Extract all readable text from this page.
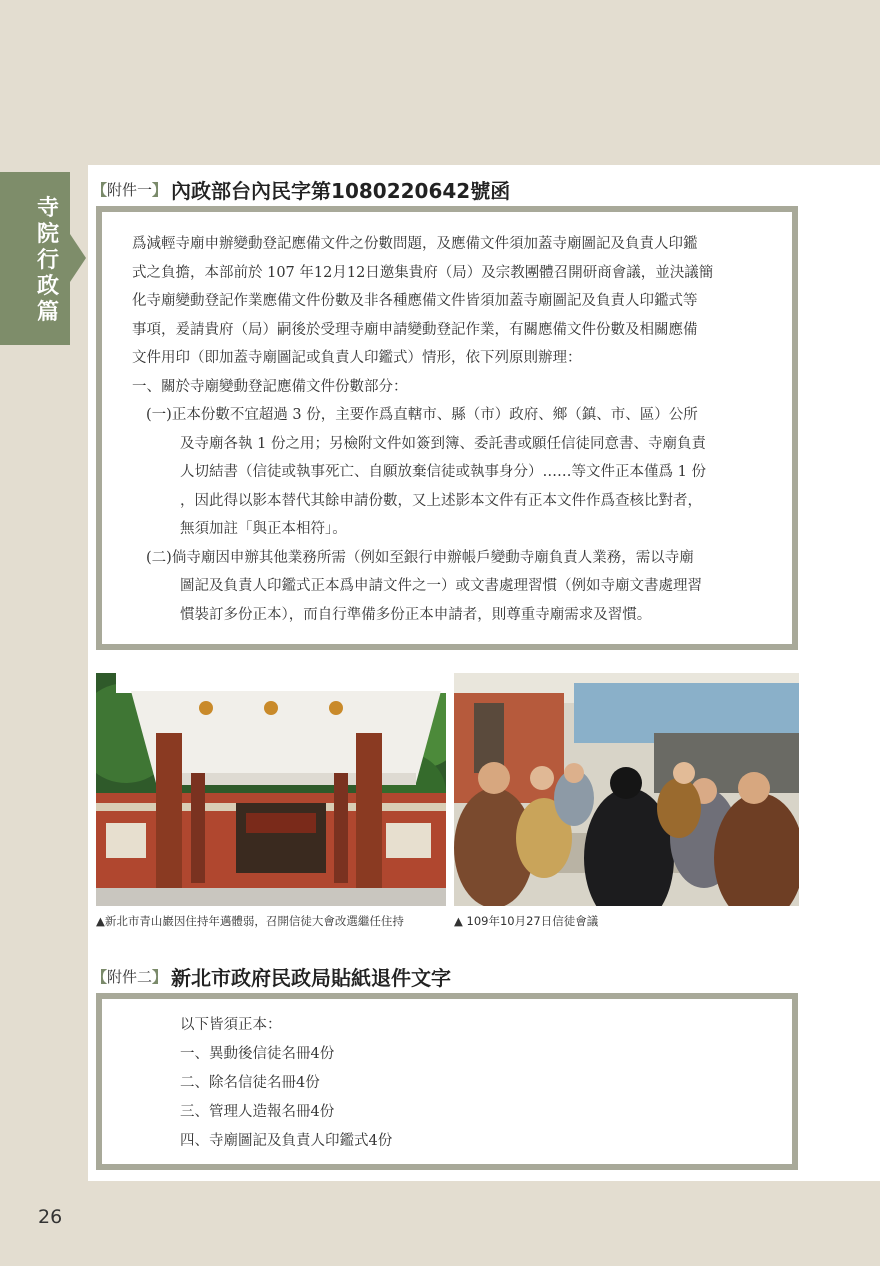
寺
院
行
政
篇
【附件一】 內政部台內民字第1080220642號函
爲減輕寺廟申辦變動登記應備文件之份數問題，及應備文件須加蓋寺廟圖記及負責人印鑑
式之負擔，本部前於 107 年12月12日邀集貴府（局）及宗教團體召開研商會議，並決議簡
化寺廟變動登記作業應備文件份數及非各種應備文件皆須加蓋寺廟圖記及負責人印鑑式等
事項，爰請貴府（局）嗣後於受理寺廟申請變動登記作業，有關應備文件份數及相關應備
文件用印（即加蓋寺廟圖記或負責人印鑑式）情形，依下列原則辦理：
一、關於寺廟變動登記應備文件份數部分：
(一)正本份數不宜超過 3 份，主要作爲直轄市、縣（市）政府、鄉（鎮、市、區）公所
及寺廟各執 1 份之用；另檢附文件如簽到簿、委託書或願任信徒同意書、寺廟負責
人切結書（信徒或執事死亡、自願放棄信徒或執事身分）……等文件正本僅爲 1 份
，因此得以影本替代其餘申請份數，又上述影本文件有正本文件作爲查核比對者，
無須加註「與正本相符」。
(二)倘寺廟因申辦其他業務所需（例如至銀行申辦帳戶變動寺廟負責人業務，需以寺廟
圖記及負責人印鑑式正本爲申請文件之一）或文書處理習慣（例如寺廟文書處理習
慣裝訂多份正本），而自行準備多份正本申請者，則尊重寺廟需求及習慣。
▲新北市青山巖因住持年邁體弱，召開信徒大會改選繼任住持	▲ 109年10月27日信徒會議
【附件二】 新北市政府民政局貼紙退件文字
以下皆須正本：
一、異動後信徒名冊4份
二、除名信徒名冊4份
三、管理人造報名冊4份
四、寺廟圖記及負責人印鑑式4份
26
